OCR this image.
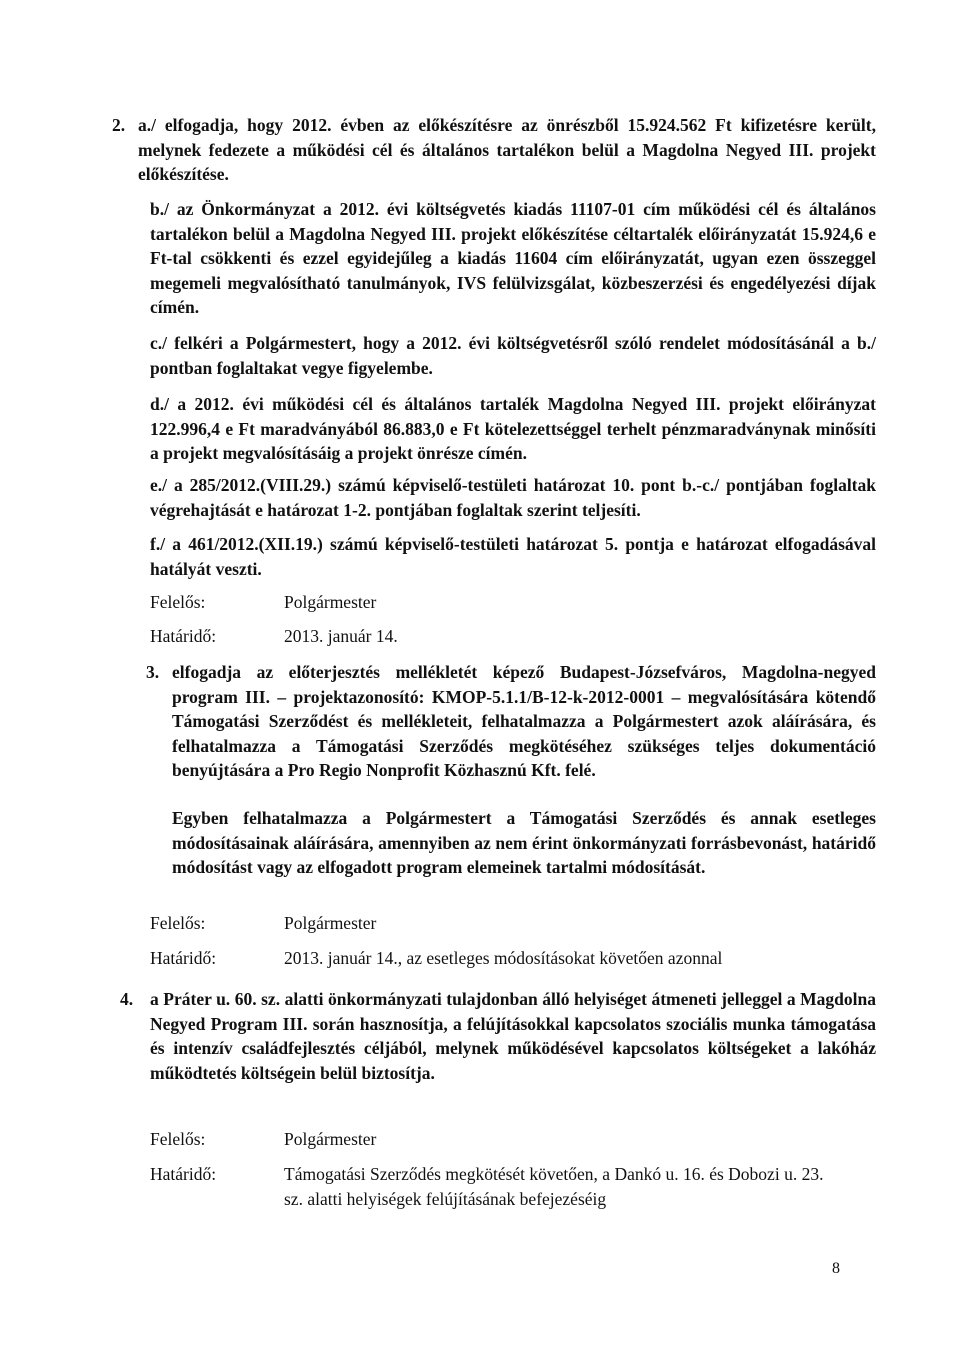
2. a./ elfogadja, hogy 2012. évben az előkészítésre az önrészből 15.924.562 Ft kifizetésre került, melynek fedezete a működési cél és általános tartalékon belül a Magdolna Negyed III. projekt előkészítése.
b./ az Önkormányzat a 2012. évi költségvetés kiadás 11107-01 cím működési cél és általános tartalékon belül a Magdolna Negyed III. projekt előkészítése céltartalék előirányzatát 15.924,6 e Ft-tal csökkenti és ezzel egyidejűleg a kiadás 11604 cím előirányzatát, ugyan ezen összeggel megemeli megvalósítható tanulmányok, IVS felülvizsgálat, közbeszerzési és engedélyezési díjak címén.
c./ felkéri a Polgármestert, hogy a 2012. évi költségvetésről szóló rendelet módosításánál a b./ pontban foglaltakat vegye figyelembe.
d./ a 2012. évi működési cél és általános tartalék Magdolna Negyed III. projekt előirányzat 122.996,4 e Ft maradványából 86.883,0 e Ft kötelezettséggel terhelt pénzmaradványnak minősíti a projekt megvalósításáig a projekt önrésze címén.
e./ a 285/2012.(VIII.29.) számú képviselő-testületi határozat 10. pont b.-c./ pontjában foglaltak végrehajtását e határozat 1-2. pontjában foglaltak szerint teljesíti.
f./ a 461/2012.(XII.19.) számú képviselő-testületi határozat 5. pontja e határozat elfogadásával hatályát veszti.
Felelős:	Polgármester
Határidő:	2013. január 14.
3. elfogadja az előterjesztés mellékletét képező Budapest-Józsefváros, Magdolna-negyed program III. – projektazonosító: KMOP-5.1.1/B-12-k-2012-0001 – megvalósítására kötendő Támogatási Szerződést és mellékleteit, felhatalmazza a Polgármestert azok aláírására, és felhatalmazza a Támogatási Szerződés megkötéséhez szükséges teljes dokumentáció benyújtására a Pro Regio Nonprofit Közhasznú Kft. felé.
Egyben felhatalmazza a Polgármestert a Támogatási Szerződés és annak esetleges módosításainak aláírására, amennyiben az nem érint önkormányzati forrásbevonást, határidő módosítást vagy az elfogadott program elemeinek tartalmi módosítását.
Felelős:	Polgármester
Határidő:	2013. január 14., az esetleges módosításokat követően azonnal
4. a Práter u. 60. sz. alatti önkormányzati tulajdonban álló helyiséget átmeneti jelleggel a Magdolna Negyed Program III. során hasznosítja, a felújításokkal kapcsolatos szociális munka támogatása és intenzív családfejlesztés céljából, melynek működésével kapcsolatos költségeket a lakóház működtetés költségein belül biztosítja.
Felelős:	Polgármester
Határidő:	Támogatási Szerződés megkötését követően, a Dankó u. 16. és Dobozi u. 23. sz. alatti helyiségek felújításának befejezéséig
8
